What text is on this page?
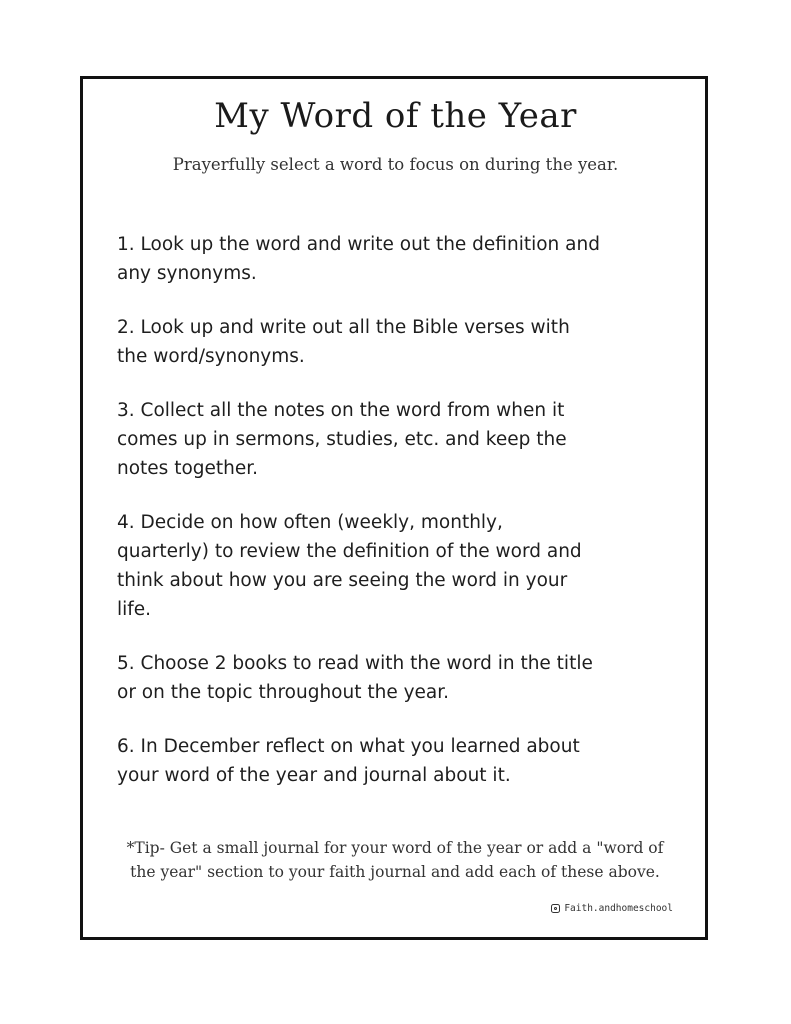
My Word of the Year

Prayerfully select a word to focus on during the year.

1. Look up the word and write out the definition and
any synonyms.
2. Look up and write out all the Bible verses with
the word/synonyms.
3. Collect all the notes on the word from when it
comes up in sermons, studies, etc. and keep the
notes together.
4. Decide on how often (weekly, monthly,
quarterly) to review the definition of the word and
think about how you are seeing the word in your
life.
5. Choose 2 books to read with the word in the title
or on the topic throughout the year.
6. In December reflect on what you learned about
your word of the year and journal about it.

*Tip- Get a small journal for your word of the year or add a "word of
the year" section to your faith journal and add each of these above.

Faith.andhomeschool
